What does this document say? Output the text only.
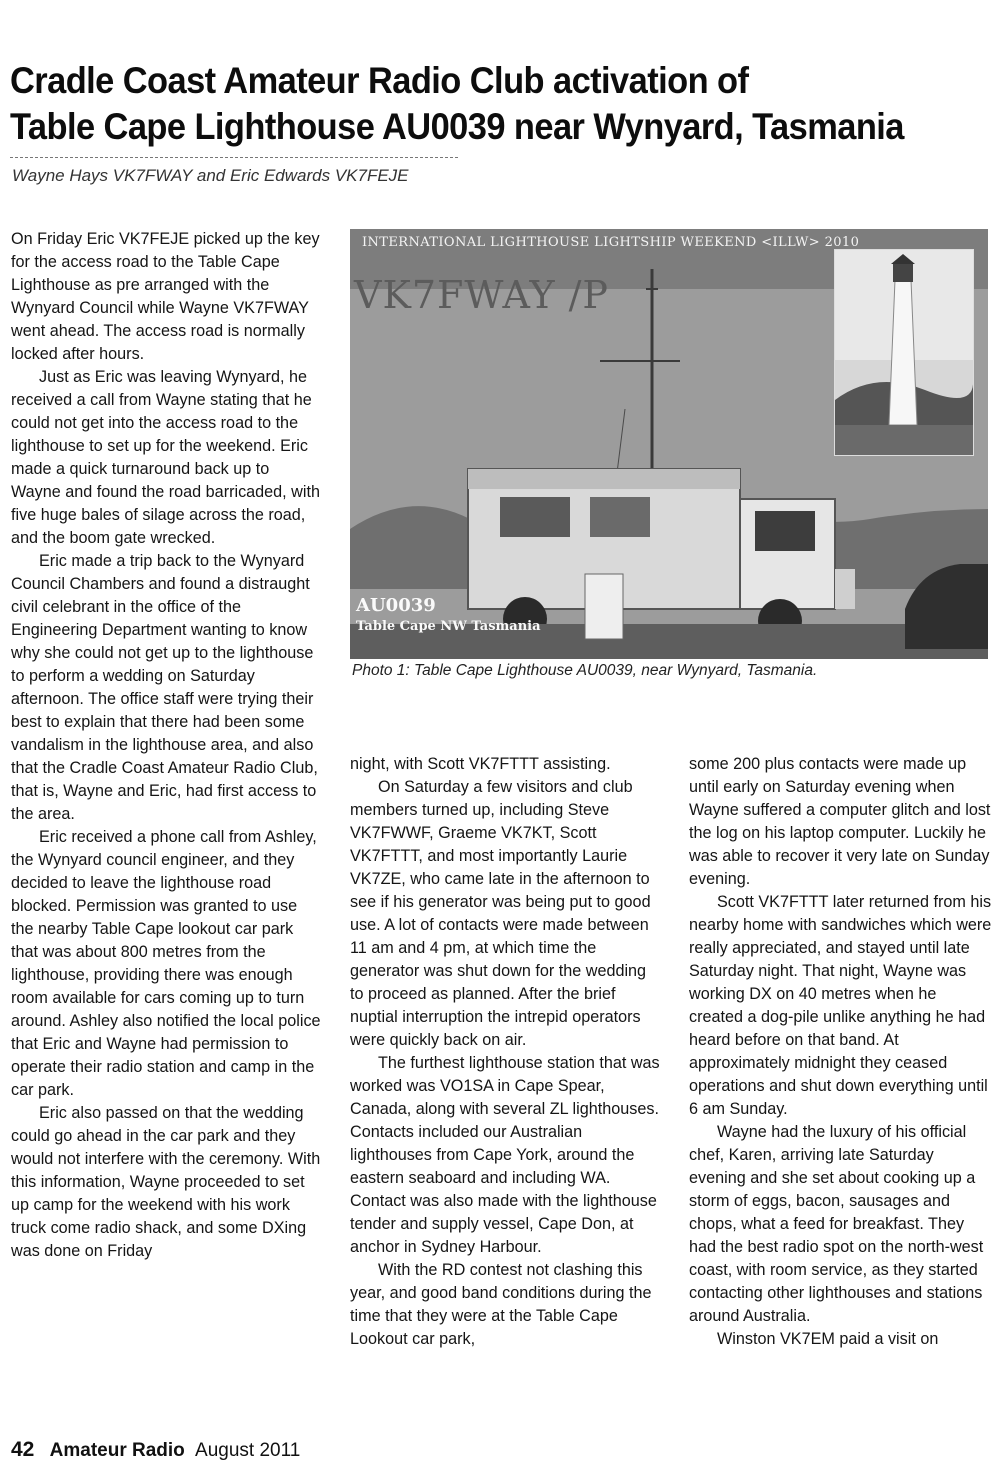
Cradle Coast Amateur Radio Club activation of
Table Cape Lighthouse AU0039 near Wynyard, Tasmania
Wayne Hays VK7FWAY and Eric Edwards VK7FEJE

On Friday Eric VK7FEJE picked up the key for the access road to the Table Cape Lighthouse as pre arranged with the Wynyard Council while Wayne VK7FWAY went ahead. The access road is normally locked after hours.

Just as Eric was leaving Wynyard, he received a call from Wayne stating that he could not get into the access road to the lighthouse to set up for the weekend. Eric made a quick turnaround back up to Wayne and found the road barricaded, with five huge bales of silage across the road, and the boom gate wrecked.

Eric made a trip back to the Wynyard Council Chambers and found a distraught civil celebrant in the office of the Engineering Department wanting to know why she could not get up to the lighthouse to perform a wedding on Saturday afternoon. The office staff were trying their best to explain that there had been some vandalism in the lighthouse area, and also that the Cradle Coast Amateur Radio Club, that is, Wayne and Eric, had first access to the area.

Eric received a phone call from Ashley, the Wynyard council engineer, and they decided to leave the lighthouse road blocked. Permission was granted to use the nearby Table Cape lookout car park that was about 800 metres from the lighthouse, providing there was enough room available for cars coming up to turn around. Ashley also notified the local police that Eric and Wayne had permission to operate their radio station and camp in the car park.

Eric also passed on that the wedding could go ahead in the car park and they would not interfere with the ceremony. With this information, Wayne proceeded to set up camp for the weekend with his work truck come radio shack, and some DXing was done on Friday

INTERNATIONAL LIGHTHOUSE LIGHTSHIP WEEKEND <ILLW> 2010
VK7FWAY /P
AU0039
Table Cape NW Tasmania
Photo 1: Table Cape Lighthouse AU0039, near Wynyard, Tasmania.

night, with Scott VK7FTTT assisting.

On Saturday a few visitors and club members turned up, including Steve VK7FWWF, Graeme VK7KT, Scott VK7FTTT, and most importantly Laurie VK7ZE, who came late in the afternoon to see if his generator was being put to good use. A lot of contacts were made between 11 am and 4 pm, at which time the generator was shut down for the wedding to proceed as planned. After the brief nuptial interruption the intrepid operators were quickly back on air.

The furthest lighthouse station that was worked was VO1SA in Cape Spear, Canada, along with several ZL lighthouses. Contacts included our Australian lighthouses from Cape York, around the eastern seaboard and including WA. Contact was also made with the lighthouse tender and supply vessel, Cape Don, at anchor in Sydney Harbour.

With the RD contest not clashing this year, and good band conditions during the time that they were at the Table Cape Lookout car park,

some 200 plus contacts were made up until early on Saturday evening when Wayne suffered a computer glitch and lost the log on his laptop computer. Luckily he was able to recover it very late on Sunday evening.

Scott VK7FTTT later returned from his nearby home with sandwiches which were really appreciated, and stayed until late Saturday night. That night, Wayne was working DX on 40 metres when he created a dog-pile unlike anything he had heard before on that band. At approximately midnight they ceased operations and shut down everything until 6 am Sunday.

Wayne had the luxury of his official chef, Karen, arriving late Saturday evening and she set about cooking up a storm of eggs, bacon, sausages and chops, what a feed for breakfast. They had the best radio spot on the north-west coast, with room service, as they started contacting other lighthouses and stations around Australia.

Winston VK7EM paid a visit on

42 Amateur Radio August 2011
